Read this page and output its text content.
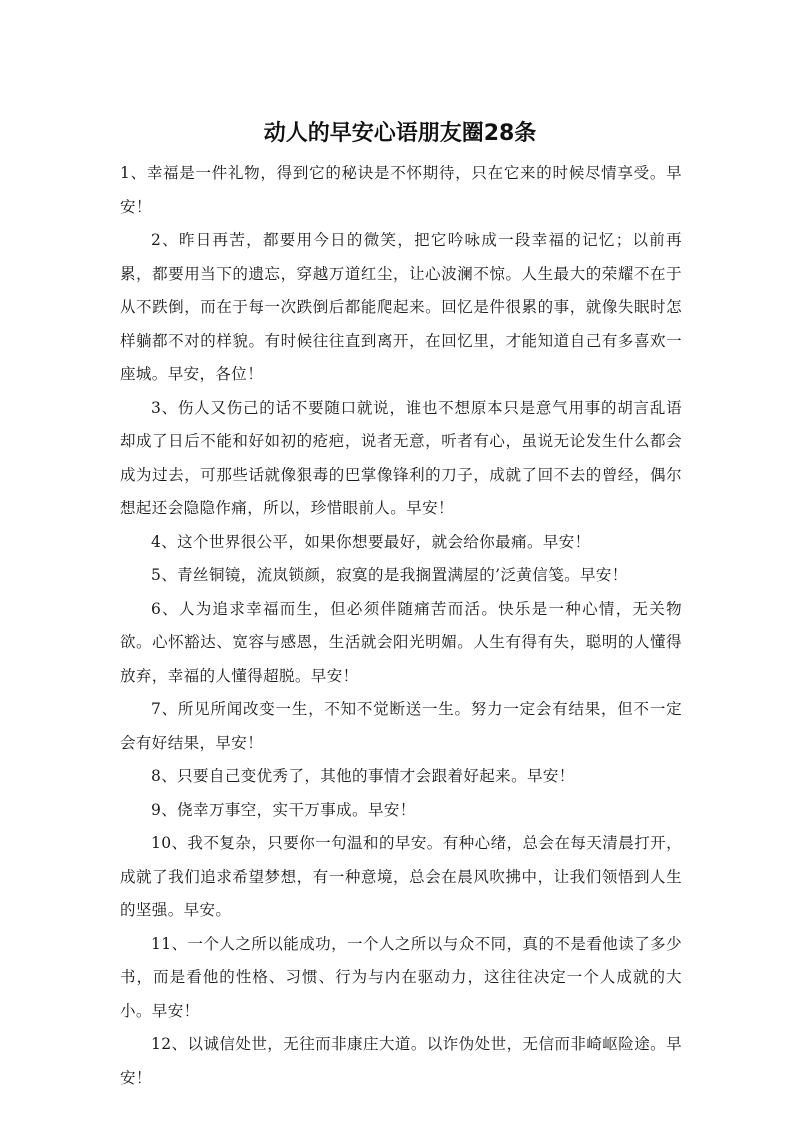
动人的早安心语朋友圈28条

1、幸福是一件礼物，得到它的秘诀是不怀期待，只在它来的时候尽情享受。早安！

2、昨日再苦，都要用今日的微笑，把它吟咏成一段幸福的记忆；以前再累，都要用当下的遗忘，穿越万道红尘，让心波澜不惊。人生最大的荣耀不在于从不跌倒，而在于每一次跌倒后都能爬起来。回忆是件很累的事，就像失眠时怎样躺都不对的样貌。有时候往往直到离开，在回忆里，才能知道自己有多喜欢一座城。早安，各位！

3、伤人又伤己的话不要随口就说，谁也不想原本只是意气用事的胡言乱语却成了日后不能和好如初的疮疤，说者无意，听者有心，虽说无论发生什么都会成为过去，可那些话就像狠毒的巴掌像锋利的刀子，成就了回不去的曾经，偶尔想起还会隐隐作痛，所以，珍惜眼前人。早安！

4、这个世界很公平，如果你想要最好，就会给你最痛。早安！

5、青丝铜镜，流岚锁颜，寂寞的是我搁置满屋的’泛黄信笺。早安！

6、人为追求幸福而生，但必须伴随痛苦而活。快乐是一种心情，无关物欲。心怀豁达、宽容与感恩，生活就会阳光明媚。人生有得有失，聪明的人懂得放弃，幸福的人懂得超脱。早安！

7、所见所闻改变一生，不知不觉断送一生。努力一定会有结果，但不一定会有好结果，早安！

8、只要自己变优秀了，其他的事情才会跟着好起来。早安！

9、侥幸万事空，实干万事成。早安！

10、我不复杂，只要你一句温和的早安。有种心绪，总会在每天清晨打开，成就了我们追求希望梦想，有一种意境，总会在晨风吹拂中，让我们领悟到人生的坚强。早安。

11、一个人之所以能成功，一个人之所以与众不同，真的不是看他读了多少书，而是看他的性格、习惯、行为与内在驱动力，这往往决定一个人成就的大小。早安！

12、以诚信处世，无往而非康庄大道。以诈伪处世，无信而非崎岖险途。早安！
